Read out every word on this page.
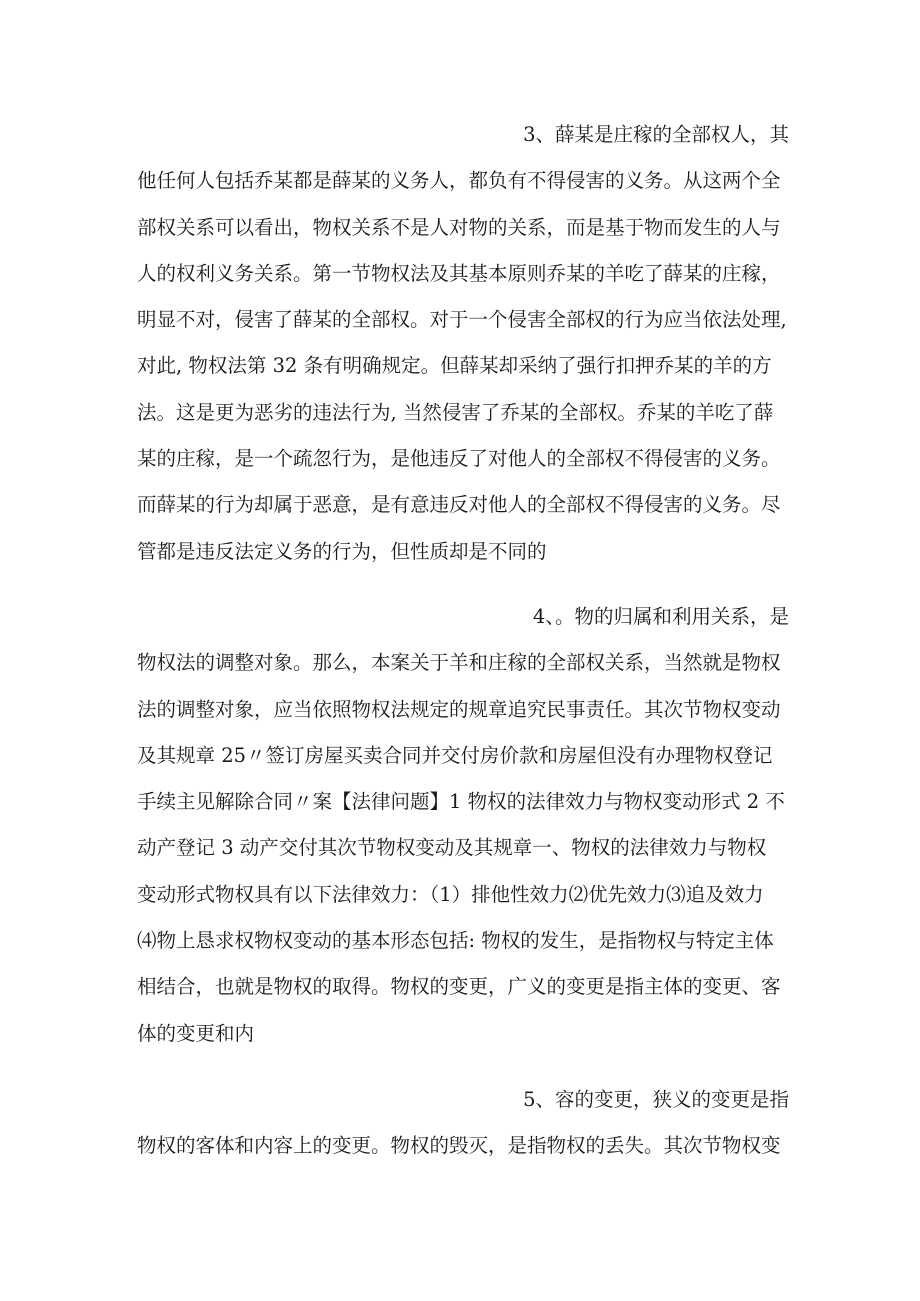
3、薛某是庄稼的全部权人，其
他任何人包括乔某都是薛某的义务人，都负有不得侵害的义务。从这两个全
部权关系可以看出，物权关系不是人对物的关系，而是基于物而发生的人与
人的权利义务关系。第一节物权法及其基本原则乔某的羊吃了薛某的庄稼，
明显不对，侵害了薛某的全部权。对于一个侵害全部权的行为应当依法处理,
对此, 物权法第 32 条有明确规定。但薛某却采纳了强行扣押乔某的羊的方
法。这是更为恶劣的违法行为, 当然侵害了乔某的全部权。乔某的羊吃了薛
某的庄稼，是一个疏忽行为，是他违反了对他人的全部权不得侵害的义务。
而薛某的行为却属于恶意，是有意违反对他人的全部权不得侵害的义务。尽
管都是违反法定义务的行为，但性质却是不同的
4、。物的归属和利用关系，是
物权法的调整对象。那么，本案关于羊和庄稼的全部权关系，当然就是物权
法的调整对象，应当依照物权法规定的规章追究民事责任。其次节物权变动
及其规章 25〃签订房屋买卖合同并交付房价款和房屋但没有办理物权登记
手续主见解除合同〃案【法律问题】1 物权的法律效力与物权变动形式 2 不
动产登记 3 动产交付其次节物权变动及其规章一、物权的法律效力与物权
变动形式物权具有以下法律效力：（1）排他性效力⑵优先效力⑶追及效力
⑷物上恳求权物权变动的基本形态包括: 物权的发生，是指物权与特定主体
相结合，也就是物权的取得。物权的变更，广义的变更是指主体的变更、客
体的变更和内
5、容的变更，狭义的变更是指
物权的客体和内容上的变更。物权的毁灭，是指物权的丢失。其次节物权变
